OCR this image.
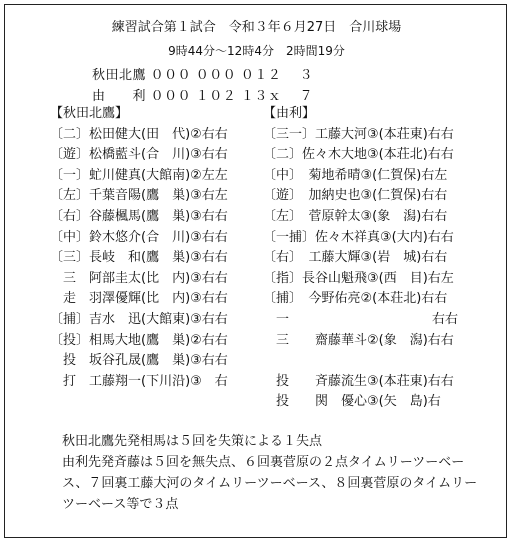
練習試合第１試合　令和３年６月27日　合川球場
9時44分～12時4分　2時間19分
秋田北鷹 ０００ ０００ ０１２　 ３
由　　利 ０００ １０２ １３ｘ　 ７
【秋田北鷹】
〔二〕松田健大(田　代)②右右
〔遊〕松橋藍斗(合　川)③右右
〔一〕虻川健真(大館南)②左左
〔左〕千葉音陽(鷹　巣)③右左
〔右〕谷藤楓馬(鷹　巣)③右右
〔中〕鈴木悠介(合　川)③右右
〔三〕長岐　和(鷹　巣)③右右
　三　阿部圭太(比　内)③右右
　走　羽澤優輝(比　内)③右右
〔捕〕吉水　迅(大館東)③右右
〔投〕相馬大地(鷹　巣)②右右
　投　坂谷孔晟(鷹　巣)③右右
　打　工藤翔一(下川沿)③　右
【由利】
〔三一〕工藤大河③(本荘東)右右
〔二〕佐々木大地③(本荘北)右右
〔中〕　菊地希晴③(仁賀保)右左
〔遊〕　加納史也③(仁賀保)右右
〔左〕　菅原幹太③(象　潟)右右
〔一捕〕佐々木祥真③(大内)右右
〔右〕　工藤大輝③(岩　城)右右
〔指〕長谷山魁飛③(西　目)右左
〔捕〕　今野佑亮②(本荘北)右右
　一　　　　　　　　　　　右右
　三　　齋藤華斗②(象　潟)右右
　投　　斉藤流生③(本荘東)右右
　投　　関　優心③(矢　島)右

秋田北鷹先発相馬は５回を失策による１失点

由利先発斉藤は５回を無失点、６回裏菅原の２点タイムリーツーベース、７回裏工藤大河のタイムリーツーベース、８回裏菅原のタイムリーツーベース等で３点
